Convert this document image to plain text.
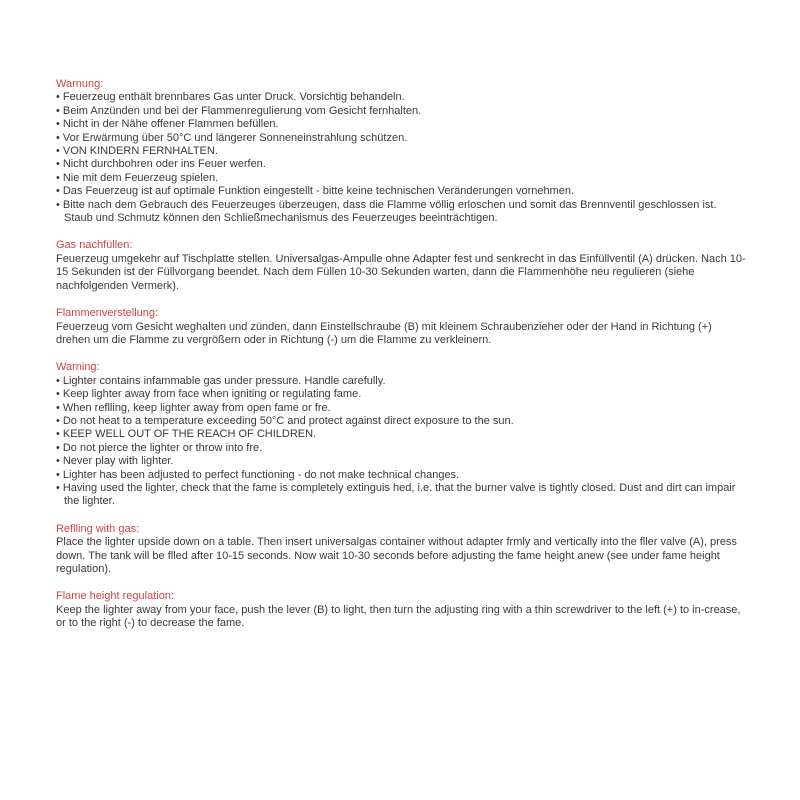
Warnung:
• Feuerzeug enthält brennbares Gas unter Druck. Vorsichtig behandeln.
• Beim Anzünden und bei der Flammenregulierung vom Gesicht fernhalten.
• Nicht in der Nähe offener Flammen befüllen.
• Vor Erwärmung über 50°C und längerer Sonneneinstrahlung schützen.
• VON KINDERN FERNHALTEN.
• Nicht durchbohren oder ins Feuer werfen.
• Nie mit dem Feuerzeug spielen.
• Das Feuerzeug ist auf optimale Funktion eingestellt - bitte keine technischen Veränderungen vornehmen.
• Bitte nach dem Gebrauch des Feuerzeuges überzeugen, dass die Flamme völlig erloschen und somit das Brennventil geschlossen ist. Staub und Schmutz können den Schließmechanismus des Feuerzeuges beeinträchtigen.
Gas nachfüllen:

Feuerzeug umgekehr auf Tischplatte stellen. Universalgas-Ampulle ohne Adapter fest und senkrecht in das Einfüllventil (A) drücken. Nach 10-15 Sekunden ist der Füllvorgang beendet. Nach dem Füllen 10-30 Sekunden warten, dann die Flammenhöhe neu regulieren (siehe nachfolgenden Vermerk).

Flammenverstellung:

Feuerzeug vom Gesicht weghalten und zünden, dann Einstellschraube (B) mit kleinem Schraubenzieher oder der Hand in Richtung (+) drehen um die Flamme zu vergrößern oder in Richtung (-) um die Flamme zu verkleinern.

Warning:
• Lighter contains infammable gas under pressure. Handle carefully.
• Keep lighter away from face when igniting or regulating fame.
• When reflling, keep lighter away from open fame or fre.
• Do not heat to a temperature exceeding 50°C and protect against direct exposure to the sun.
• KEEP WELL OUT OF THE REACH OF CHILDREN.
• Do not pierce the lighter or throw into fre.
• Never play with lighter.
• Lighter has been adjusted to perfect functioning - do not make technical changes.
• Having used the lighter, check that the fame is completely extinguis hed, i.e. that the burner valve is tightly closed. Dust and dirt can impair the lighter.
Reflling with gas:

Place the lighter upside down on a table. Then insert universalgas container without adapter frmly and vertically into the fller valve (A), press down. The tank will be flled after 10-15 seconds. Now wait 10-30 seconds before adjusting the fame height anew (see under fame height regulation).

Flame height regulation:

Keep the lighter away from your face, push the lever (B) to light, then turn the adjusting ring with a thin screwdriver to the left (+) to in-crease, or to the right (-) to decrease the fame.
